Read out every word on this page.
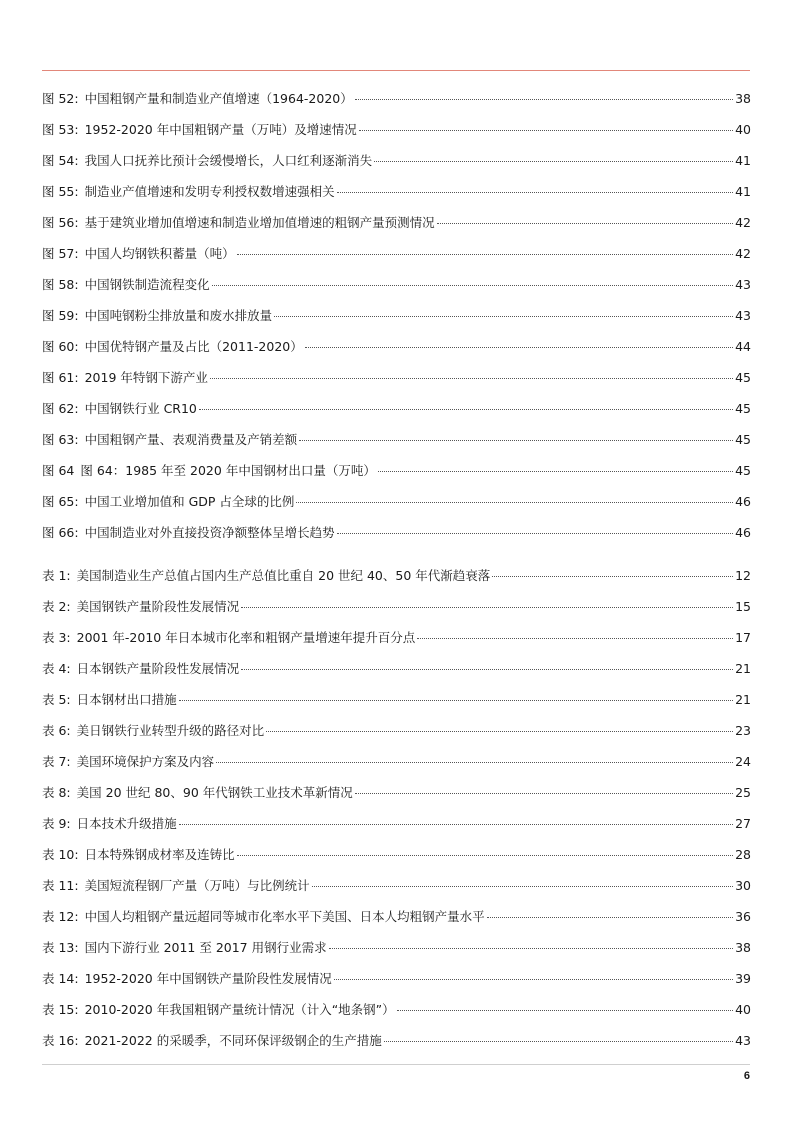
图 52: 中国粗钢产量和制造业产值增速（1964-2020）	38
图 53: 1952-2020 年中国粗钢产量（万吨）及增速情况	40
图 54: 我国人口抚养比预计会缓慢增长，人口红利逐渐消失	41
图 55: 制造业产值增速和发明专利授权数增速强相关	41
图 56: 基于建筑业增加值增速和制造业增加值增速的粗钢产量预测情况	42
图 57: 中国人均钢铁积蓄量（吨）	42
图 58: 中国钢铁制造流程变化	43
图 59: 中国吨钢粉尘排放量和废水排放量	43
图 60: 中国优特钢产量及占比（2011-2020）	44
图 61: 2019 年特钢下游产业	45
图 62: 中国钢铁行业 CR10	45
图 63: 中国粗钢产量、表观消费量及产销差额	45
图 64 图 64：1985 年至 2020 年中国钢材出口量（万吨）	45
图 65: 中国工业增加值和 GDP 占全球的比例	46
图 66: 中国制造业对外直接投资净额整体呈增长趋势	46
表 1: 美国制造业生产总值占国内生产总值比重自 20 世纪 40、50 年代渐趋衰落	12
表 2: 美国钢铁产量阶段性发展情况	15
表 3: 2001 年-2010 年日本城市化率和粗钢产量增速年提升百分点	17
表 4: 日本钢铁产量阶段性发展情况	21
表 5: 日本钢材出口措施	21
表 6: 美日钢铁行业转型升级的路径对比	23
表 7: 美国环境保护方案及内容	24
表 8: 美国 20 世纪 80、90 年代钢铁工业技术革新情况	25
表 9: 日本技术升级措施	27
表 10: 日本特殊钢成材率及连铸比	28
表 11: 美国短流程钢厂产量（万吨）与比例统计	30
表 12: 中国人均粗钢产量远超同等城市化率水平下美国、日本人均粗钢产量水平	36
表 13: 国内下游行业 2011 至 2017 用钢行业需求	38
表 14: 1952-2020 年中国钢铁产量阶段性发展情况	39
表 15: 2010-2020 年我国粗钢产量统计情况（计入“地条钢”）	40
表 16: 2021-2022 的采暖季，不同环保评级钢企的生产措施	43
6
